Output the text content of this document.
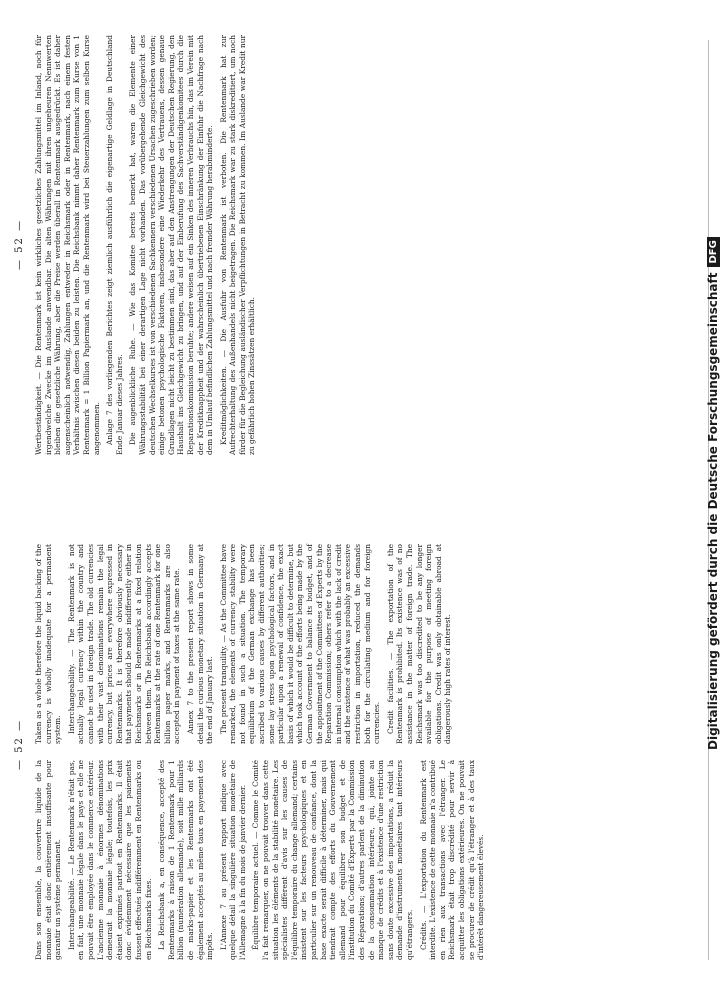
— 52 —
— 52 —

Dans son ensemble, la couverture liquide de la monnaie était donc entièrement insuffisante pour garantir un système permanent. Interchangeabilité. — Le Rentenmark n'était pas, en fait, une monnaie légale dans le pays et elle ne pouvait être employée dans le commerce extérieur. L'ancienne monnaie à énormes dénominations demeurait la monnaie légale; toutefois, les prix étaient exprimés partout en Rentenmarks. Il était donc évidemment nécessaire que les paiements fussent effectués indifféremment en Rentenmarks ou en Reichsmarks fixes. La Reichsbank a, en conséquence, accepté des Rentenmarks à raison de 1 Rentenmark pour 1 billion (numération allemande), soit mille milliards de marks-papier et les Rentenmarks ont été également acceptés au même taux en payement des impôts. L'Annexe 7 au présent rapport indique avec quelque détail la singulière situation monétaire de l'Allemagne à la fin du mois de janvier dernier. Équilibre temporaire actuel. — Comme le Comité l'a fait remarquer, on ne pouvait trouver dans cette situation les éléments de la stabilité monétaire. Les spécialistes diffèrent d'avis sur les causes de l'équilibre temporaire du change allemand; certains insistent sur les facteurs psychologiques et en particulier sur un renouveau de confiance, dont la base exacte serait difficile à déterminer, mais qui tiendrait compte des efforts du Gouvernement allemand pour équilibrer son budget et de l'institution du Comité d'Experts par la Commission des Réparations; d'autres parlent de la diminution de la consommation intérieure, qui, jointe au manque de crédits et à l'existence d'une restriction sans doute excessive des importations, a réduit la demande d'instruments monétaires tant intérieurs qu'étrangers. Crédits. — L'exportation du Rentenmark est interdite. L'existence de cette monnaie n'a contribué en rien aux transactions avec l'étranger. Le Reichsmark était trop discrédité pour servir à acquitter les obligations extérieures. On ne pouvait se procurer de crédit qu'à l'étranger et à des taux d'intérêt dangereusement élevés.

Taken as a whole therefore the liquid backing of the currency is wholly inadequate for a permanent system. Interchangeability. — The Rentenmark is not actually legal currency within the country and cannot be used in foreign trade. The old currencies with their vast denominations remain the legal currency, but prices are everywhere expressed in Rentenmarks. It is therefore obviously necessary that payments should be made indifferently either in Reichsmarks or in Rentenmarks at a fixed relation between them. The Reichsbank accordingly accepts Rentenmarks at the rate of one Rentenmark for one billion paper marks, and Rentenmarks are also accepted in payment of taxes at the same rate. Annex 7 to the present report shows in some detail the curious monetary situation in Germany at the end of January last. The present tranquility. — As the Committee have remarked, the elements of currency stability were not found in such a situation. The temporary equilibrium of the German exchange has been ascribed to various causes by different authorities; some lay stress upon psychological factors, and in particular upon a renewal of confidence, the exact basis of which it would be difficult to determine, but which took account of the efforts being made by the German Government to balance its budget, and of the appointment of the Committees of Experts by the Reparation Commission; others refer to a decrease in internal consumption which with the lack of credit and the existence of what was probably an excessive restriction in importation, reduced the demands both for the circulating medium and for foreign currencies. Credit facilities. — The exportation of the Rentenmark is prohibited. Its existence was of no assistance in the matter of foreign trade. The Reichsmark was too discredited to be any longer available for the purpose of meeting foreign obligations. Credit was only obtainable abroad at dangerously high rates of interest.

Wertbeständigkeit. — Die Rentenmark ist kein wirkliches gesetzliches Zahlungsmittel im Inland, noch für irgendwelche Zwecke im Auslande anwendbar. Die alten Währungen mit ihren ungeheuren Nennwerten bleiben die gesetzliche Währung, aber die Preise werden überall in Rentenmark ausgedrückt. Es ist daher augenscheinlich notwendig, Zahlungen entweder in Reichsmark oder in Rentenmark, nach einem festen Verhältnis zwischen diesen beiden zu leisten. Die Reichsbank nimmt daher Rentenmark zum Kurse von 1 Rentenmark = 1 Billion Papiermark an, und die Rentenmark wird bei Steuerzahlungen zum selben Kurse angenommen. Anlage 7 des vorliegenden Berichtes zeigt ziemlich ausführlich die eigenartige Geldlage in Deutschland Ende Januar dieses Jahres. Die augenblickliche Ruhe. — Wie das Komitee bereits bemerkt hat, waren die Elemente einer Währungsstabilität bei einer derartigen Lage nicht vorhanden. Das vorübergehende Gleichgewicht des deutschen Wechselkurses ist von verschiedenen Sachkennern verschiedenen Ursachen zugeschrieben worden; einige betonen psychologische Faktoren, insbesondere eine Wiederkehr des Vertrauens, dessen genaue Grundlagen nicht leicht zu bestimmen sind, das aber auf den Anstrengungen der Deutschen Regierung, den Haushalt ins Gleichgewicht zu bringen, und auf der Einberufung des Sachverständigenkomitees durch die Reparationskommission beruhte; andere weisen auf ein Sinken des inneren Verbrauchs hin, das im Verein mit der Kreditknappheit und der wahrscheinlich übertriebenen Einschränkung der Einfuhr die Nachfrage nach dem in Umlauf befindlichen Zahlungsmittel und nach fremder Währung herabminderte. Kreditmöglichkeiten. — Die Ausfuhr von Rentenmark ist verboten. Die Rentenmark hat zur Aufrechterhaltung des Außenhandels nicht beigetragen. Die Reichsmark war zu stark diskreditiert, um noch fürder für die Begleichung ausländischer Verpflichtungen in Betracht zu kommen. Im Auslande war Kredit nur zu gefährlich hohen Zinssätzen erhältlich.	Digitalisierung gefördert durch die Deutsche Forschungsgemeinschaft
DFG
